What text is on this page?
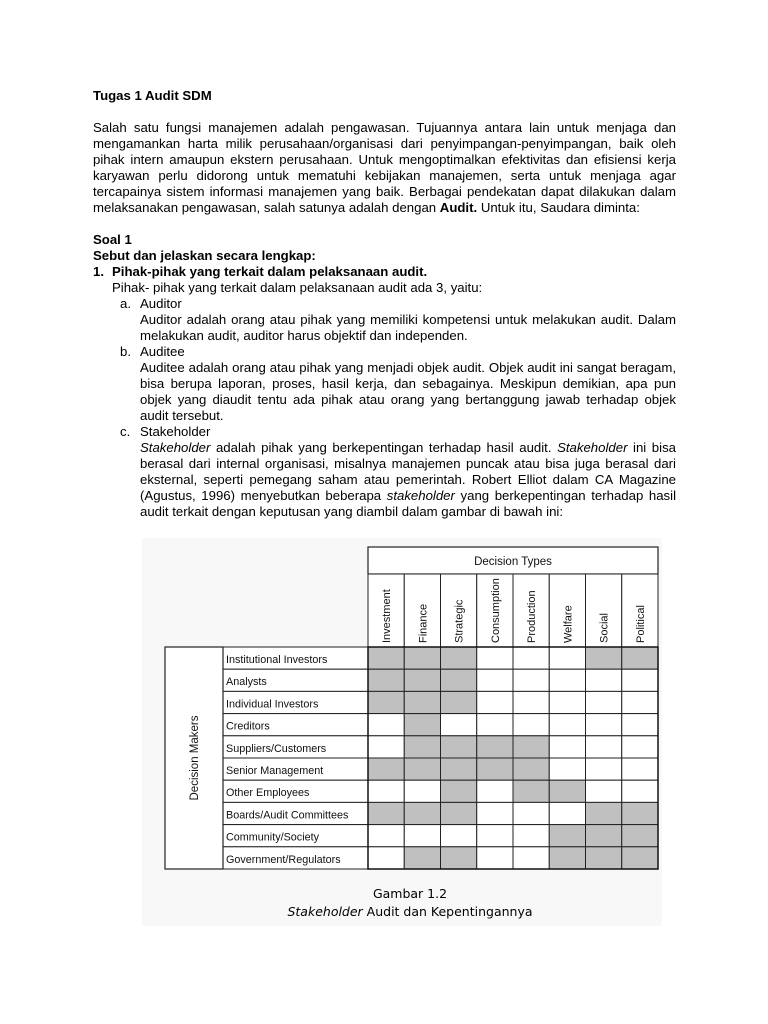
Tugas 1 Audit SDM

Salah satu fungsi manajemen adalah pengawasan. Tujuannya antara lain untuk menjaga dan mengamankan harta milik perusahaan/organisasi dari penyimpangan-penyimpangan, baik oleh pihak intern amaupun ekstern perusahaan. Untuk mengoptimalkan efektivitas dan efisiensi kerja karyawan perlu didorong untuk mematuhi kebijakan manajemen, serta untuk menjaga agar tercapainya sistem informasi manajemen yang baik. Berbagai pendekatan dapat dilakukan dalam melaksanakan pengawasan, salah satunya adalah dengan Audit. Untuk itu, Saudara diminta:

Soal 1
Sebut dan jelaskan secara lengkap:
1. Pihak-pihak yang terkait dalam pelaksanaan audit.
Pihak- pihak yang terkait dalam pelaksanaan audit ada 3, yaitu:
a. Auditor
Auditor adalah orang atau pihak yang memiliki kompetensi untuk melakukan audit. Dalam melakukan audit, auditor harus objektif dan independen.
b. Auditee
Auditee adalah orang atau pihak yang menjadi objek audit. Objek audit ini sangat beragam, bisa berupa laporan, proses, hasil kerja, dan sebagainya. Meskipun demikian, apa pun objek yang diaudit tentu ada pihak atau orang yang bertanggung jawab terhadap objek audit tersebut.
c. Stakeholder
Stakeholder adalah pihak yang berkepentingan terhadap hasil audit. Stakeholder ini bisa berasal dari internal organisasi, misalnya manajemen puncak atau bisa juga berasal dari eksternal, seperti pemegang saham atau pemerintah. Robert Elliot dalam CA Magazine (Agustus, 1996) menyebutkan beberapa stakeholder yang berkepentingan terhadap hasil audit terkait dengan keputusan yang diambil dalam gambar di bawah ini:
Decision Types
Investment Finance Strategic Consumption Production Welfare Social Political
Institutional Investors
Analysts
Individual Investors
Creditors
Suppliers/Customers
Senior Management
Other Employees
Boards/Audit Committees
Community/Society
Government/Regulators
Decision Makers
Gambar 1.2
Stakeholder Audit dan Kepentingannya
